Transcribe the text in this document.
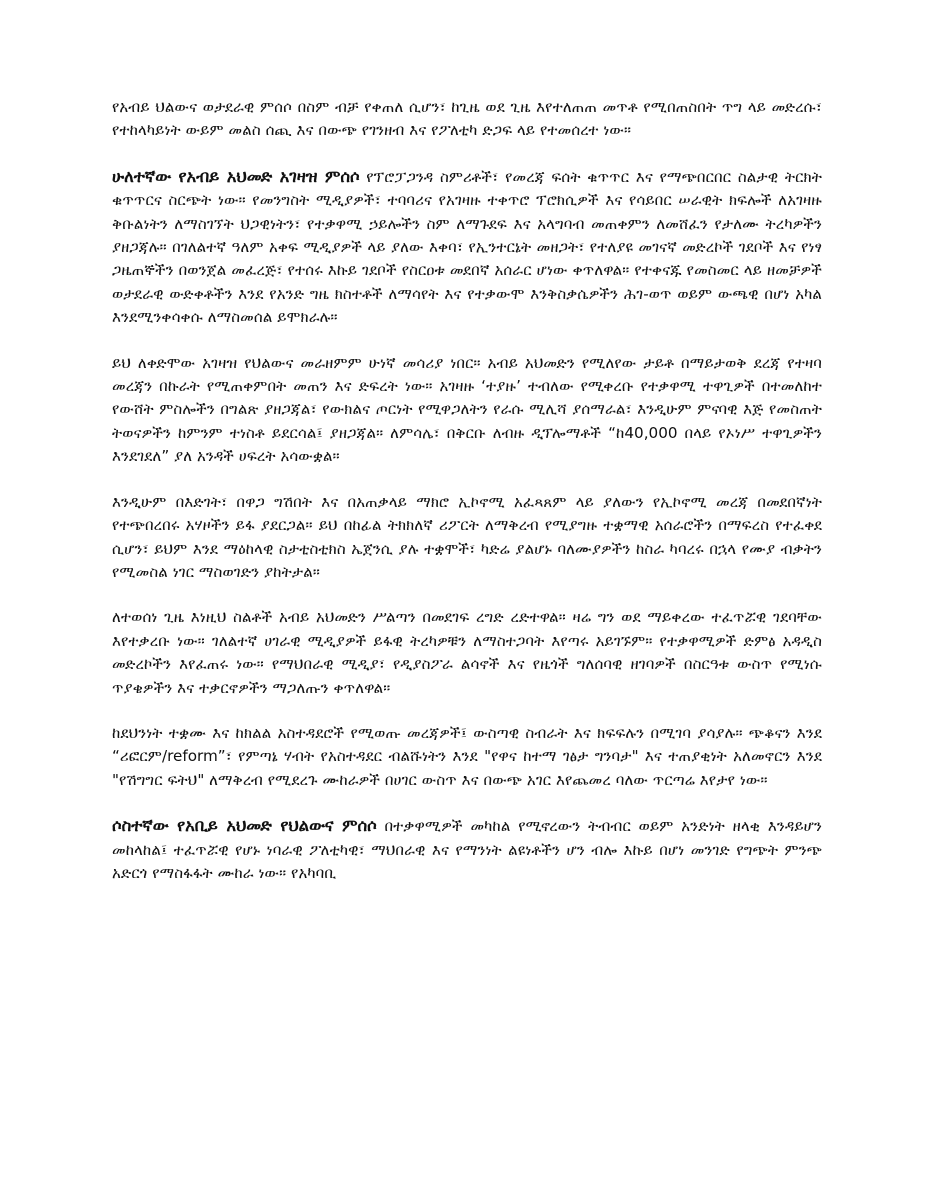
የአብይ ህልውና ወታደራዊ ምሰሶ በስም ብቻ የቀጠለ ሲሆን፣ ከጊዜ ወደ ጊዜ እየተለጠጠ መጥቶ የሚበጠስበት ጥግ ላይ መድረሱ፣ የተከላካይነት ውይም መልስ ሰጪ እና በውጭ የገንዘብ እና የፖለቲካ ድጋፍ ላይ የተመሰረተ ነው።

ሁለተኛው የአብይ አህመድ አገዛዝ ምሰሶ የፕሮፓጋንዳ ስምሪቶች፣ የመረጃ ፍሰት ቁጥጥር እና የማጭበርበር ስልታዊ ትርክት ቁጥጥርና ስርጭት ነው። የመንግስት ሚዲያዎች፣ ተባባሪና የአገዛዙ ተቀጥሮ ፕሮክሲዎች እና የሳይበር ሠራዊት ክፍሎች ለአገዛዙ ቅቡልነትን ለማስገኘት ህጋዊነትን፣ የተቃዋሚ ኃይሎችን ስም ለማጉደፍ እና አላግባብ መጠቀምን ለመሸፈን የታለሙ ትረካዎችን ያዘጋጃሉ። በገለልተኛ ዓለም አቀፍ ሚዲያዎች ላይ ያለው እቀባ፣ የኢንተርኔት መዘጋት፣ የተለያዩ መገናኛ መድረኮች ገደቦች እና የነፃ ጋዜጠኞችን በወንጀል መፈረጅ፣ የተሰሩ እኩይ ገደቦች የስርዐቱ መደበኛ አሰራር ሆነው ቀጥለዋል። የተቀናጁ የመስመር ላይ ዘመቻዎች ወታደራዊ ውድቀቶችን እንደ የአንድ ግዜ ክስተቶች ለማሳየት እና የተቃውሞ እንቅስቃሴዎችን ሕገ-ወጥ ወይም ውጫዊ በሆነ አካል እንደሚንቀሳቀሱ ለማስመሰል ይሞክራሉ።

ይህ ለቀድሞው አገዛዝ የህልውና መራዘምም ሁነኛ መሳሪያ ነበር። አብይ አህመድን የሚለየው ታይቶ በማይታወቅ ደረጃ የተዛባ መረጃን በኩራት የሚጠቀምበት መጠን እና ድፍረት ነው። አገዛዙ ‘ተያዙ’ ተብለው የሚቀረቡ የተቃዋሚ ተዋጊዎች በተመለከተ የውሸት ምስሎችን በግልጽ ያዘጋጃል፣ የውክልና ጦርነት የሚዋጋለትን የራሱ ሚሊሻ ያሰማራል፣ እንዲሁም ምናባዊ እጅ የመስጠት ትወናዎችን ከምንም ተነስቶ ይደርሳል፤ ያዘጋጃል። ለምሳሌ፣ በቅርቡ ለብዙ ዲፕሎማቶች “ከ40,000 በላይ የኦነሥ ተዋጊዎችን እንደገደለ” ያለ አንዳች ሀፍረት አሳውቋል።

እንዲሁም በእድገት፣ በዋጋ ግሽበት እና በአጠቃላይ ማክሮ ኢኮኖሚ አፈጻጸም ላይ ያለውን የኢኮኖሚ መረጃ በመደበኛነት የተጭበረበሩ አሃዞችን ይፋ ያደርጋል። ይህ በከፊል ትክክለኛ ሪፖርት ለማቅረብ የሚያግዙ ተቋማዊ አሰራሮችን በማፍረስ የተፈቀደ ሲሆን፣ ይህም እንደ ማዕከላዊ ስታቲስቲክስ ኤጀንሲ ያሉ ተቋሞች፣ ካድሬ ያልሆኑ ባለሙያዎችን ከስራ ካባረሩ በኋላ የሙያ ብቃትን የሚመስል ነገር ማስወገድን ያከትታል።

ለተወሰነ ጊዜ እነዚህ ስልቶች አብይ አህመድን ሥልጣን በመደገፍ ረግድ ረድተዋል። ዛሬ ግን ወደ ማይቀረው ተፈጥሯዊ ገደባቸው እየተቃረቡ ነው። ገለልተኛ ሀገራዊ ሚዲያዎች ይፋዊ ትረካዎቹን ለማስተጋባት እየጣሩ አይገኙም። የተቃዋሚዎች ድምፅ አዳዲስ መድረኮችን እየፈጠሩ ነው። የማህበራዊ ሚዲያ፣ የዲያስፖራ ልሳኖች እና የዜጎች ግለሰባዊ ዘገባዎች በስርዓቱ ውስጥ የሚነሱ ጥያቄዎችን እና ተቃርኖዎችን ማጋለጡን ቀጥለዋል።

ከደህንነት ተቋሙ እና ከክልል አስተዳደሮች የሚወጡ መረጃዎች፤ ውስጣዊ ስብራት እና ክፍፍሉን በሚገባ ያሳያሉ። ጭቆናን እንደ “ሪፎርም/reform”፣ የምጣኔ ሃብት የአስተዳደር ብልሹነትን እንደ "የዋና ከተማ ገፅታ ግንባታ" እና ተጠያቂነት አለመኖርን እንደ "የሽግግር ፍትህ" ለማቅረብ የሚደረጉ ሙከራዎች በሀገር ውስጥ እና በውጭ አገር እየጨመረ ባለው ጥርጣሬ እየታየ ነው።

ሶስተኛው የአቢይ አህመድ የህልውና ምሰሶ በተቃዋሚዎች መካከል የሚኖረውን ትብብር ወይም አንድነት ዘላቂ እንዳይሆን መከላከል፤ ተፈጥሯዊ የሆኑ ነባራዊ ፖለቲካዊ፣ ማህበራዊ እና የማንነት ልዩነቶችን ሆን ብሎ እኩይ በሆነ መንገድ የግጭት ምንጭ አድርጎ የማስፋፋት ሙከራ ነው። የአካባቢ
